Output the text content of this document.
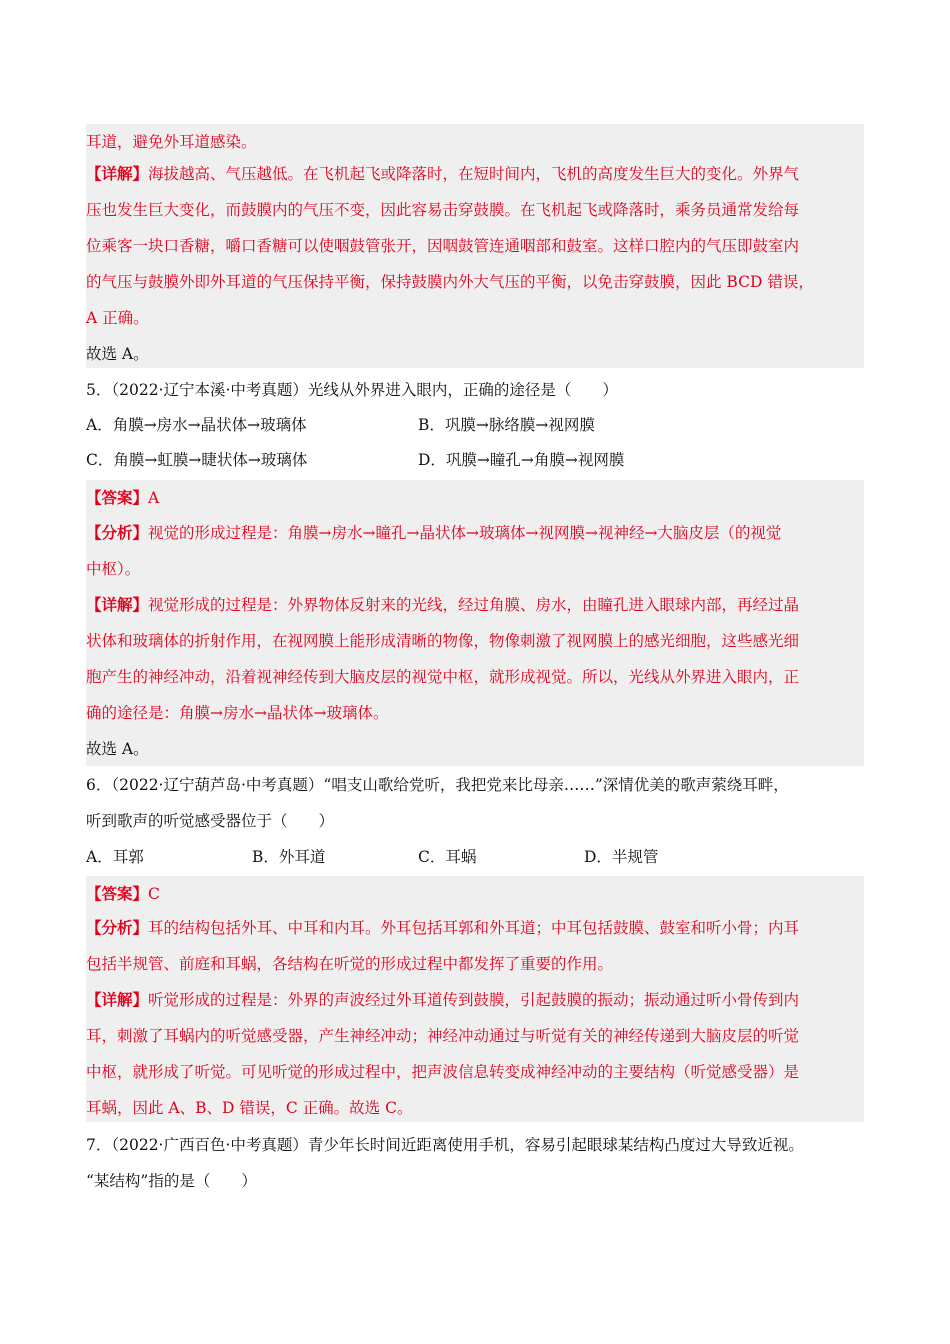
耳道，避免外耳道感染。
【详解】海拔越高、气压越低。在飞机起飞或降落时，在短时间内，飞机的高度发生巨大的变化。外界气
压也发生巨大变化，而鼓膜内的气压不变，因此容易击穿鼓膜。在飞机起飞或降落时，乘务员通常发给每
位乘客一块口香糖，嚼口香糖可以使咽鼓管张开，因咽鼓管连通咽部和鼓室。这样口腔内的气压即鼓室内
的气压与鼓膜外即外耳道的气压保持平衡，保持鼓膜内外大气压的平衡，以免击穿鼓膜，因此 BCD 错误，
A 正确。
故选 A。
5．（2022·辽宁本溪·中考真题）光线从外界进入眼内，正确的途径是（　　）
A．角膜→房水→晶状体→玻璃体	B．巩膜→脉络膜→视网膜
C．角膜→虹膜→睫状体→玻璃体	D．巩膜→瞳孔→角膜→视网膜
【答案】A
【分析】视觉的形成过程是：角膜→房水→瞳孔→晶状体→玻璃体→视网膜→视神经→大脑皮层（的视觉
中枢）。
【详解】视觉形成的过程是：外界物体反射来的光线，经过角膜、房水，由瞳孔进入眼球内部，再经过晶
状体和玻璃体的折射作用，在视网膜上能形成清晰的物像，物像刺激了视网膜上的感光细胞，这些感光细
胞产生的神经冲动，沿着视神经传到大脑皮层的视觉中枢，就形成视觉。所以，光线从外界进入眼内，正
确的途径是：角膜→房水→晶状体→玻璃体。
故选 A。
6．（2022·辽宁葫芦岛·中考真题）“唱支山歌给党听，我把党来比母亲……”深情优美的歌声萦绕耳畔，
听到歌声的听觉感受器位于（　　）
A．耳郭	B．外耳道	C．耳蜗	D．半规管
【答案】C
【分析】耳的结构包括外耳、中耳和内耳。外耳包括耳郭和外耳道；中耳包括鼓膜、鼓室和听小骨；内耳
包括半规管、前庭和耳蜗，各结构在听觉的形成过程中都发挥了重要的作用。
【详解】听觉形成的过程是：外界的声波经过外耳道传到鼓膜，引起鼓膜的振动；振动通过听小骨传到内
耳，刺激了耳蜗内的听觉感受器，产生神经冲动；神经冲动通过与听觉有关的神经传递到大脑皮层的听觉
中枢，就形成了听觉。可见听觉的形成过程中，把声波信息转变成神经冲动的主要结构（听觉感受器）是
耳蜗，因此 A、B、D 错误，C 正确。故选 C。
7．（2022·广西百色·中考真题）青少年长时间近距离使用手机，容易引起眼球某结构凸度过大导致近视。
“某结构”指的是（　　）
